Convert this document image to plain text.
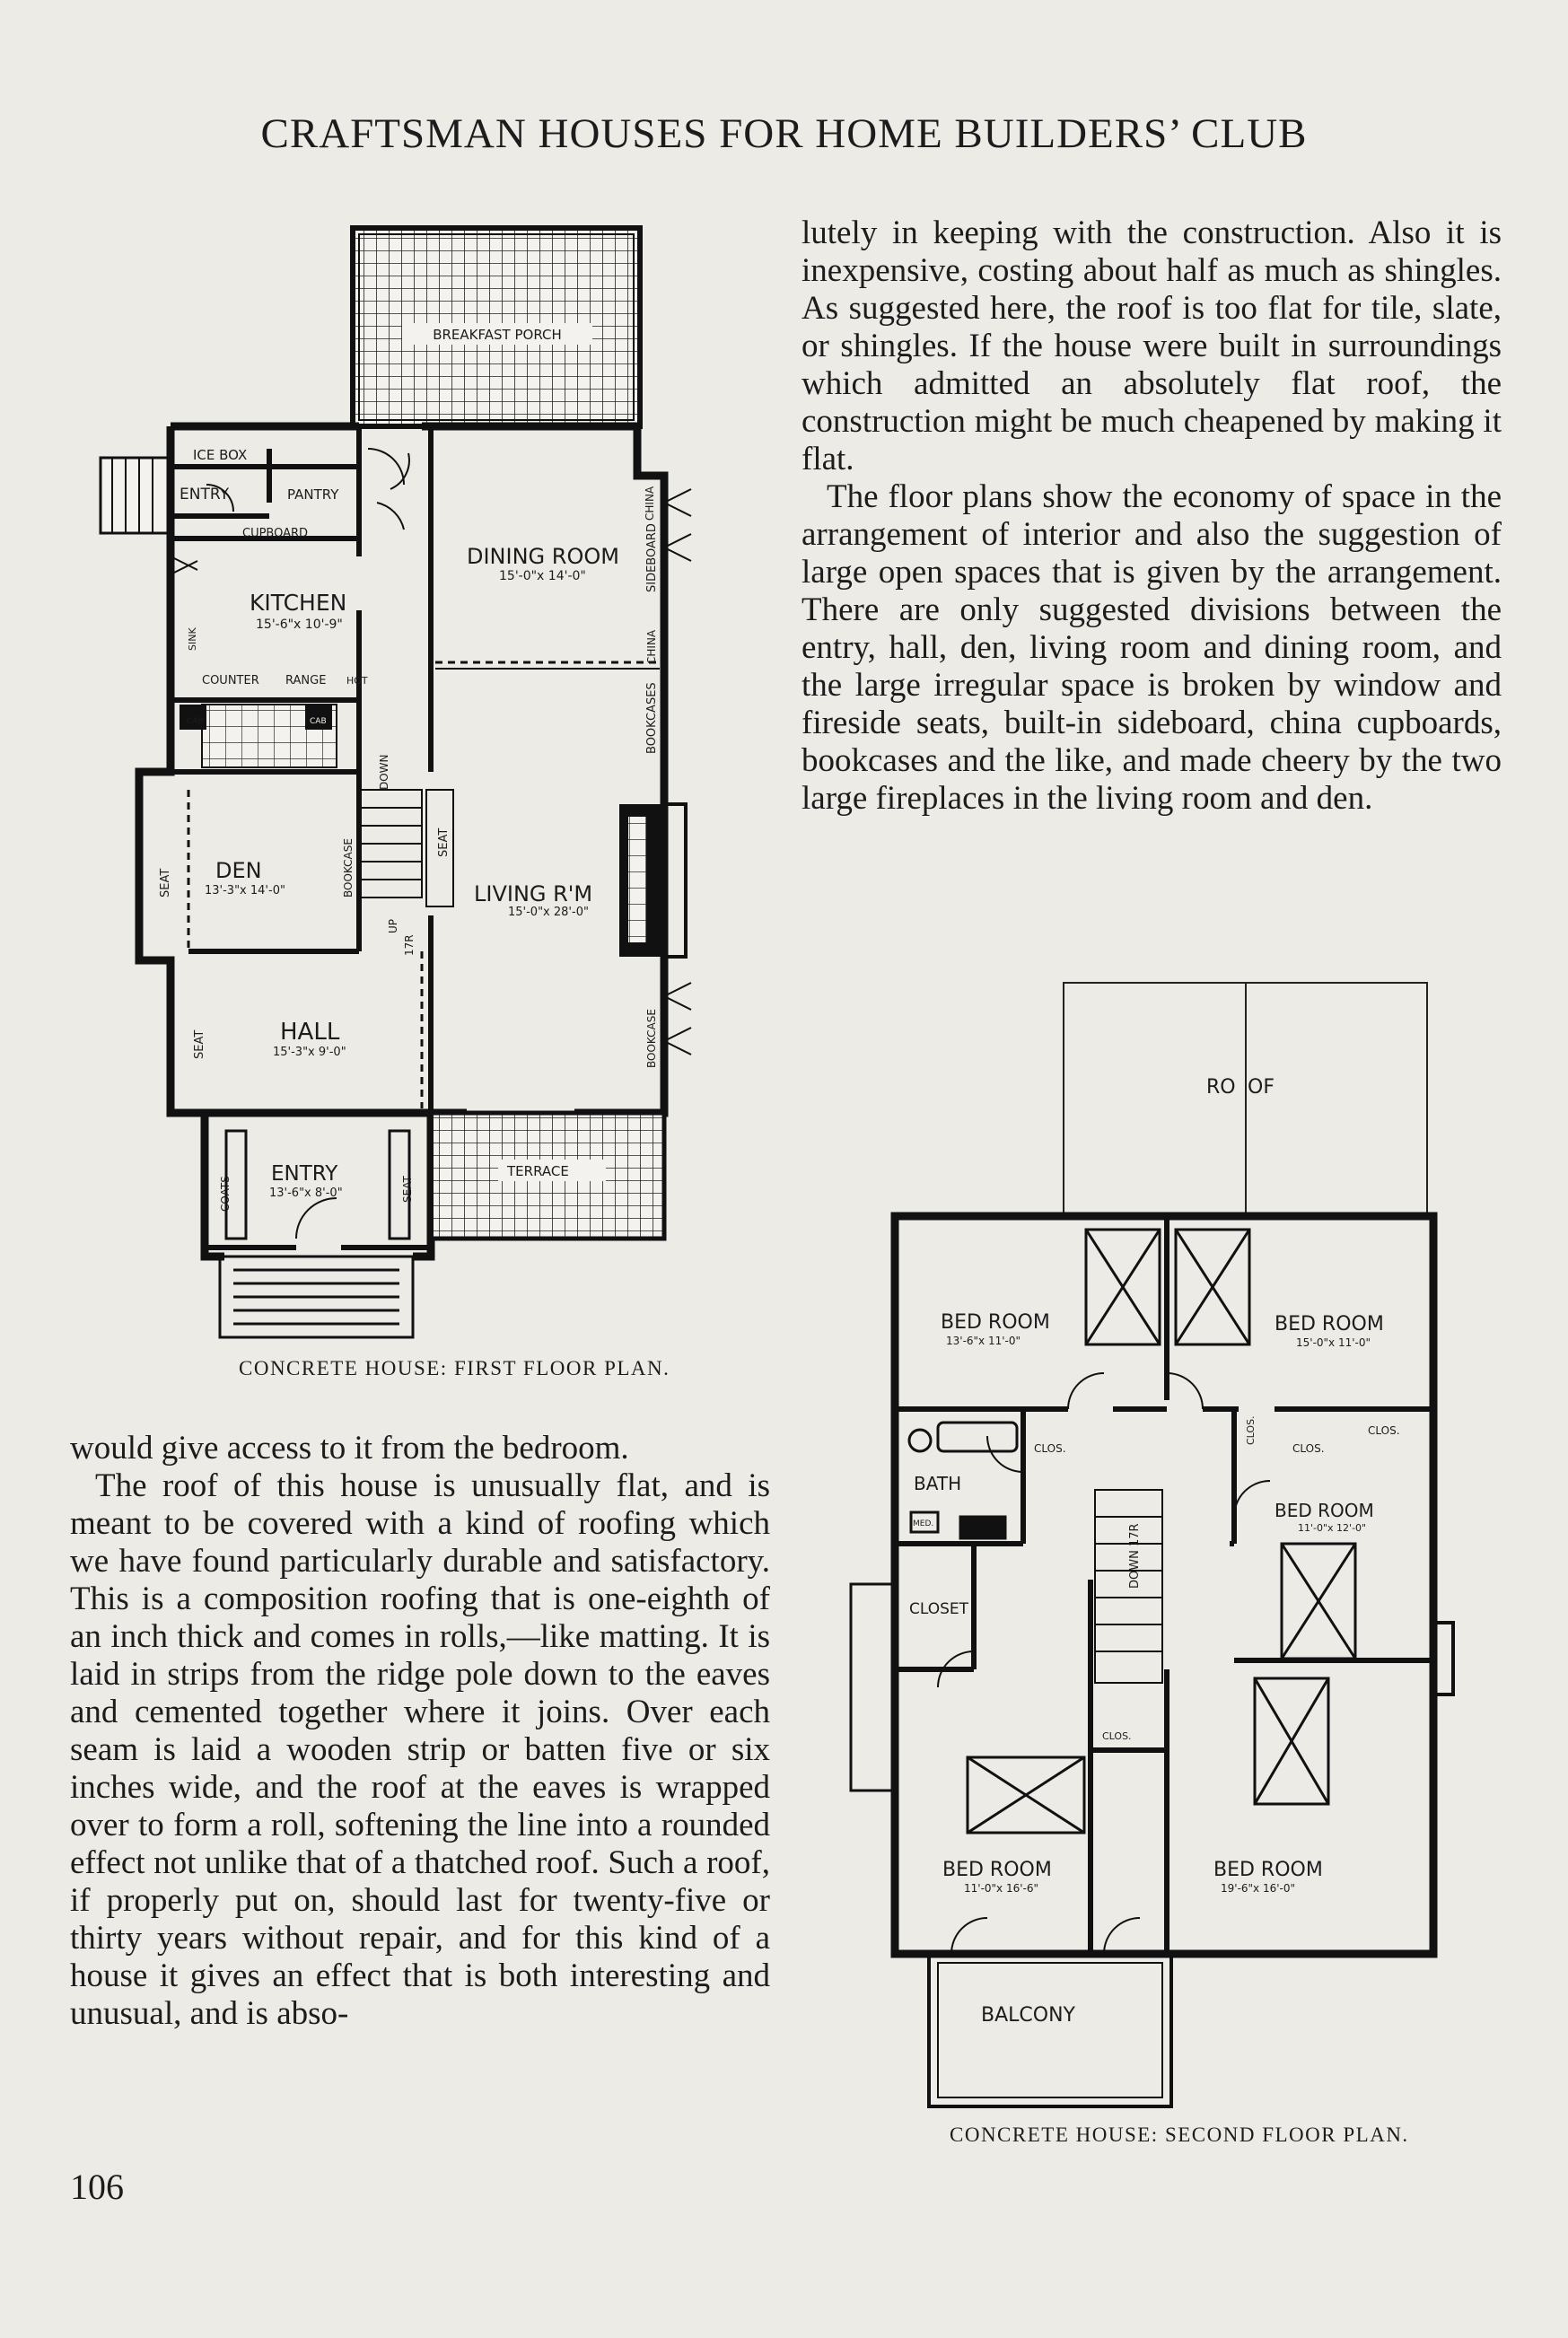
CRAFTSMAN HOUSES FOR HOME BUILDERS’ CLUB
BREAKFAST PORCH
ICE BOX
ENTRY	PANTRY
CUPBOARD
DINING ROOM
15'-0"x 14'-0"
CHINA
SIDEBOARD
KITCHEN
15'-6"x 10'-9"
SINK
COUNTER RANGE HOT
CAB	CAB
CHINA
BOOKCASES
DOWN
SEAT
LIVING R'M
15'-0"x 28'-0"
DEN
13'-3"x 14'-0"
SEAT	BOOKCASE
UP
17R
BOOKCASE
HALL
15'-3"x 9'-0"
SEAT
COATS
ENTRY
13'-6"x 8'-0"	SEAT
TERRACE
RO OF
BED ROOM
13'-6"x 11'-0"
BED ROOM
15'-0"x 11'-0"
CLOS.
CLOS.
CLOS.
CLOS.
BATH
MED.	DOWN 17R
BED ROOM
11'-0"x 12'-0"
CLOSET
CLOS.
BED ROOM
11'-0"x 16'-6"
BED ROOM
19'-6"x 16'-0"
BALCONY
CONCRETE HOUSE: FIRST FLOOR PLAN.
CONCRETE HOUSE: SECOND FLOOR PLAN.

lutely in keeping with the construction. Also it is inexpensive, costing about half as much as shingles. As suggested here, the roof is too flat for tile, slate, or shingles. If the house were built in surroundings which admitted an absolutely flat roof, the construction might be much cheapened by making it flat.

The floor plans show the economy of space in the arrangement of interior and also the suggestion of large open spaces that is given by the arrangement. There are only suggested divisions between the entry, hall, den, living room and dining room, and the large irregular space is broken by window and fireside seats, built-in sideboard, china cupboards, bookcases and the like, and made cheery by the two large fireplaces in the living room and den.

would give access to it from the bedroom.

The roof of this house is unusually flat, and is meant to be covered with a kind of roofing which we have found particularly durable and satisfactory. This is a composition roofing that is one-eighth of an inch thick and comes in rolls,—like matting. It is laid in strips from the ridge pole down to the eaves and cemented together where it joins. Over each seam is laid a wooden strip or batten five or six inches wide, and the roof at the eaves is wrapped over to form a roll, softening the line into a rounded effect not unlike that of a thatched roof. Such a roof, if properly put on, should last for twenty-five or thirty years without repair, and for this kind of a house it gives an effect that is both interesting and unusual, and is abso-

106
